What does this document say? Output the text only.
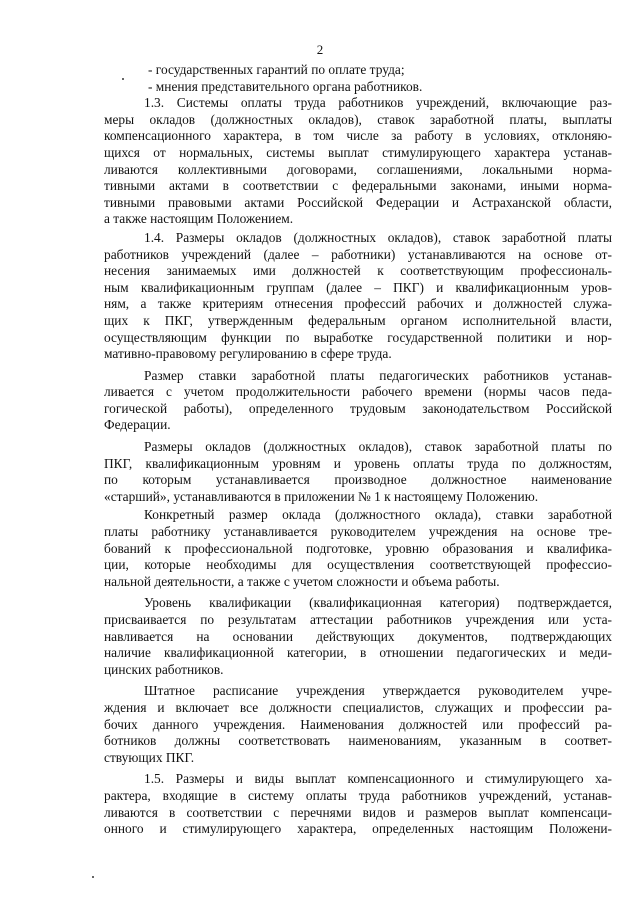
2
- государственных гарантий по оплате труда;
- мнения представительного органа работников.
1.3. Системы оплаты труда работников учреждений, включающие раз-
меры окладов (должностных окладов), ставок заработной платы, выплаты
компенсационного характера, в том числе за работу в условиях, отклоняю-
щихся от нормальных, системы выплат стимулирующего характера устанав-
ливаются коллективными договорами, соглашениями, локальными норма-
тивными актами в соответствии с федеральными законами, иными норма-
тивными правовыми актами Российской Федерации и Астраханской области,
а также настоящим Положением.
1.4. Размеры окладов (должностных окладов), ставок заработной платы
работников учреждений (далее – работники) устанавливаются на основе от-
несения занимаемых ими должностей к соответствующим профессиональ-
ным квалификационным группам (далее – ПКГ) и квалификационным уров-
ням, а также критериям отнесения профессий рабочих и должностей служа-
щих к ПКГ, утвержденным федеральным органом исполнительной власти,
осуществляющим функции по выработке государственной политики и нор-
мативно-правовому регулированию в сфере труда.
Размер ставки заработной платы педагогических работников устанав-
ливается с учетом продолжительности рабочего времени (нормы часов педа-
гогической работы), определенного трудовым законодательством Российской
Федерации.
Размеры окладов (должностных окладов), ставок заработной платы по
ПКГ, квалификационным уровням и уровень оплаты труда по должностям,
по которым устанавливается производное должностное наименование
«старший», устанавливаются в приложении № 1 к настоящему Положению.
Конкретный размер оклада (должностного оклада), ставки заработной
платы работнику устанавливается руководителем учреждения на основе тре-
бований к профессиональной подготовке, уровню образования и квалифика-
ции, которые необходимы для осуществления соответствующей профессио-
нальной деятельности, а также с учетом сложности и объема работы.
Уровень квалификации (квалификационная категория) подтверждается,
присваивается по результатам аттестации работников учреждения или уста-
навливается на основании действующих документов, подтверждающих
наличие квалификационной категории, в отношении педагогических и меди-
цинских работников.
Штатное расписание учреждения утверждается руководителем учре-
ждения и включает все должности специалистов, служащих и профессии ра-
бочих данного учреждения. Наименования должностей или профессий ра-
ботников должны соответствовать наименованиям, указанным в соответ-
ствующих ПКГ.
1.5. Размеры и виды выплат компенсационного и стимулирующего ха-
рактера, входящие в систему оплаты труда работников учреждений, устанав-
ливаются в соответствии с перечнями видов и размеров выплат компенсаци-
онного и стимулирующего характера, определенных настоящим Положени-
